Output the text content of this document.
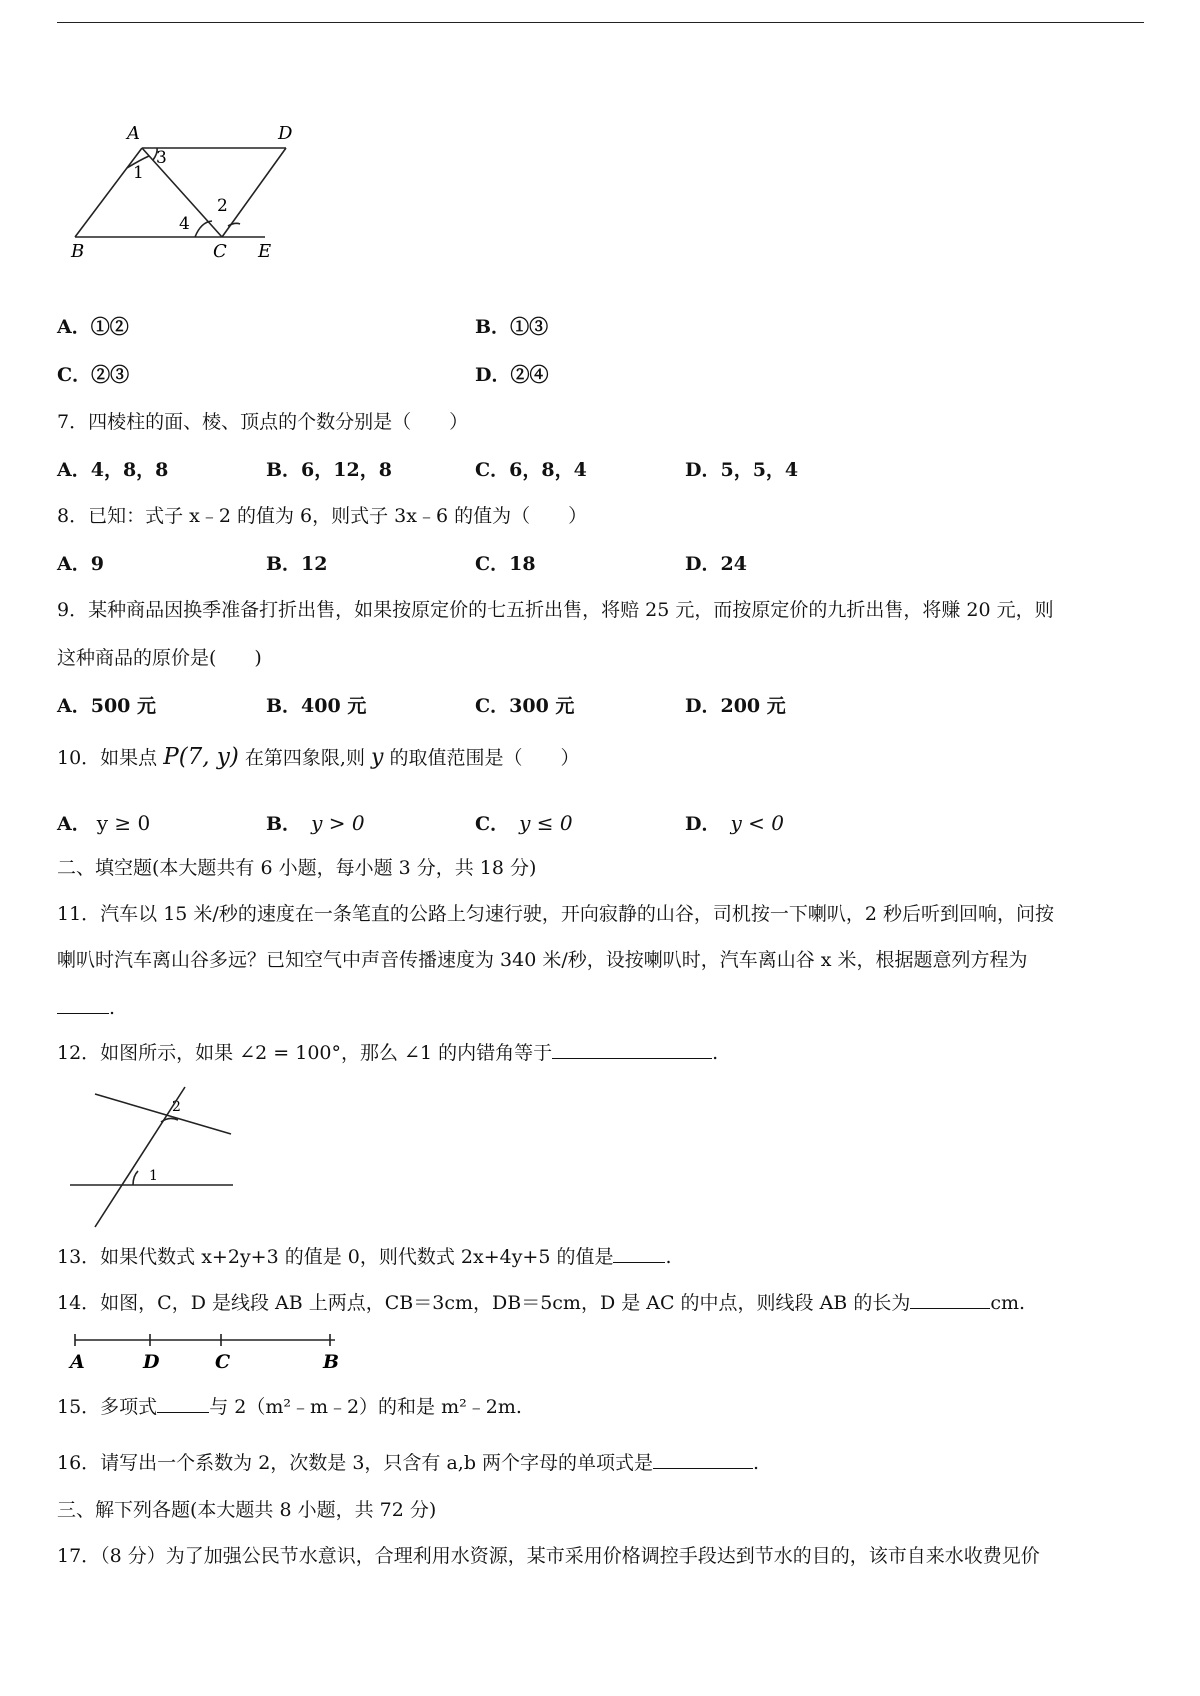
A	D
B	C E
1
3
4
2
A．①②	B．①③
C．②③	D．②④
7．四棱柱的面、棱、顶点的个数分别是（　　）
A．4，8，8	B．6，12，8	C．6，8，4	D．5，5，4
8．已知：式子 x﹣2 的值为 6，则式子 3x﹣6 的值为（　　）
A．9	B．12	C．18	D．24
9．某种商品因换季准备打折出售，如果按原定价的七五折出售，将赔 25 元，而按原定价的九折出售，将赚 20 元，则
这种商品的原价是(　　)
A．500 元	B．400 元	C．300 元	D．200 元
10．如果点 P(7, y) 在第四象限,则 y 的取值范围是（　　）
A． y ≥ 0	B． y > 0	C． y ≤ 0	D． y < 0
二、填空题(本大题共有 6 小题，每小题 3 分，共 18 分)
11．汽车以 15 米/秒的速度在一条笔直的公路上匀速行驶，开向寂静的山谷，司机按一下喇叭，2 秒后听到回响，问按
喇叭时汽车离山谷多远？已知空气中声音传播速度为 340 米/秒，设按喇叭时，汽车离山谷 x 米，根据题意列方程为
.
12．如图所示，如果 ∠2 = 100°，那么 ∠1 的内错角等于	.
2
1
13．如果代数式 x+2y+3 的值是 0，则代数式 2x+4y+5 的值是	.
14．如图，C，D 是线段 AB 上两点，CB＝3cm，DB＝5cm，D 是 AC 的中点，则线段 AB 的长为	cm.
A	D	C	B
15．多项式	与 2（m²﹣m﹣2）的和是 m²﹣2m.
16．请写出一个系数为 2，次数是 3，只含有 a,b 两个字母的单项式是	.
三、解下列各题(本大题共 8 小题，共 72 分)
17．（8 分）为了加强公民节水意识，合理利用水资源，某市采用价格调控手段达到节水的目的，该市自来水收费见价
